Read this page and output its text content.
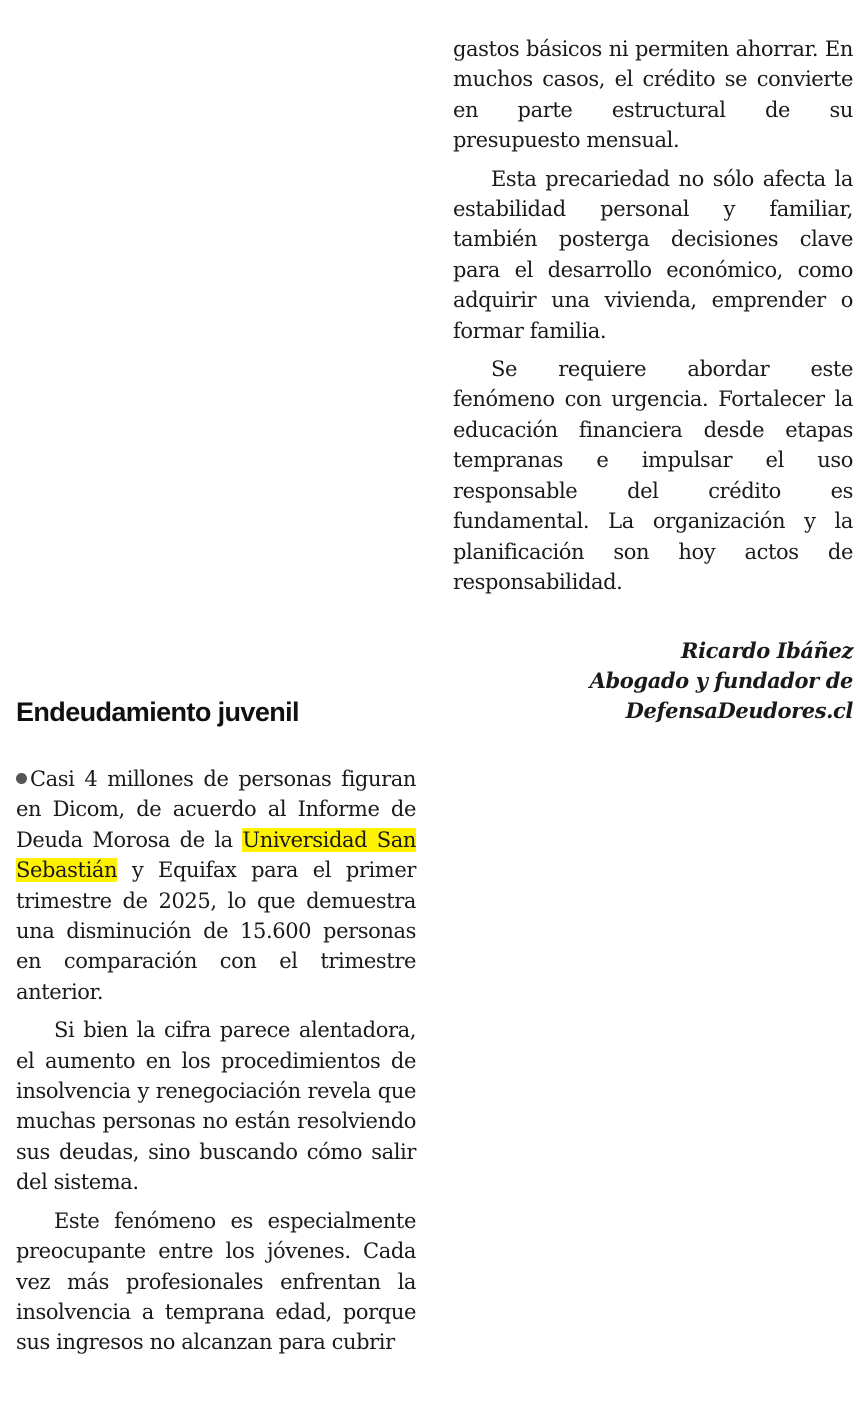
gastos básicos ni permiten ahorrar. En muchos casos, el crédito se convierte en parte estructural de su presupuesto mensual.

Esta precariedad no sólo afecta la estabilidad personal y familiar, también posterga decisiones clave para el desarrollo económico, como adquirir una vivienda, emprender o formar familia.

Se requiere abordar este fenómeno con urgencia. Fortalecer la educación financiera desde etapas tempranas e impulsar el uso responsable del crédito es fundamental. La organización y la planificación son hoy actos de responsabilidad.

Ricardo Ibáñez
Abogado y fundador de
DefensaDeudores.cl
Endeudamiento juvenil

Casi 4 millones de personas figuran en Dicom, de acuerdo al Informe de Deuda Morosa de la Universidad San Sebastián y Equifax para el primer trimestre de 2025, lo que demuestra una disminución de 15.600 personas en comparación con el trimestre anterior.

Si bien la cifra parece alentadora, el aumento en los procedimientos de insolvencia y renegociación revela que muchas personas no están resolviendo sus deudas, sino buscando cómo salir del sistema.

Este fenómeno es especialmente preocupante entre los jóvenes. Cada vez más profesionales enfrentan la insolvencia a temprana edad, porque sus ingresos no alcanzan para cubrir
